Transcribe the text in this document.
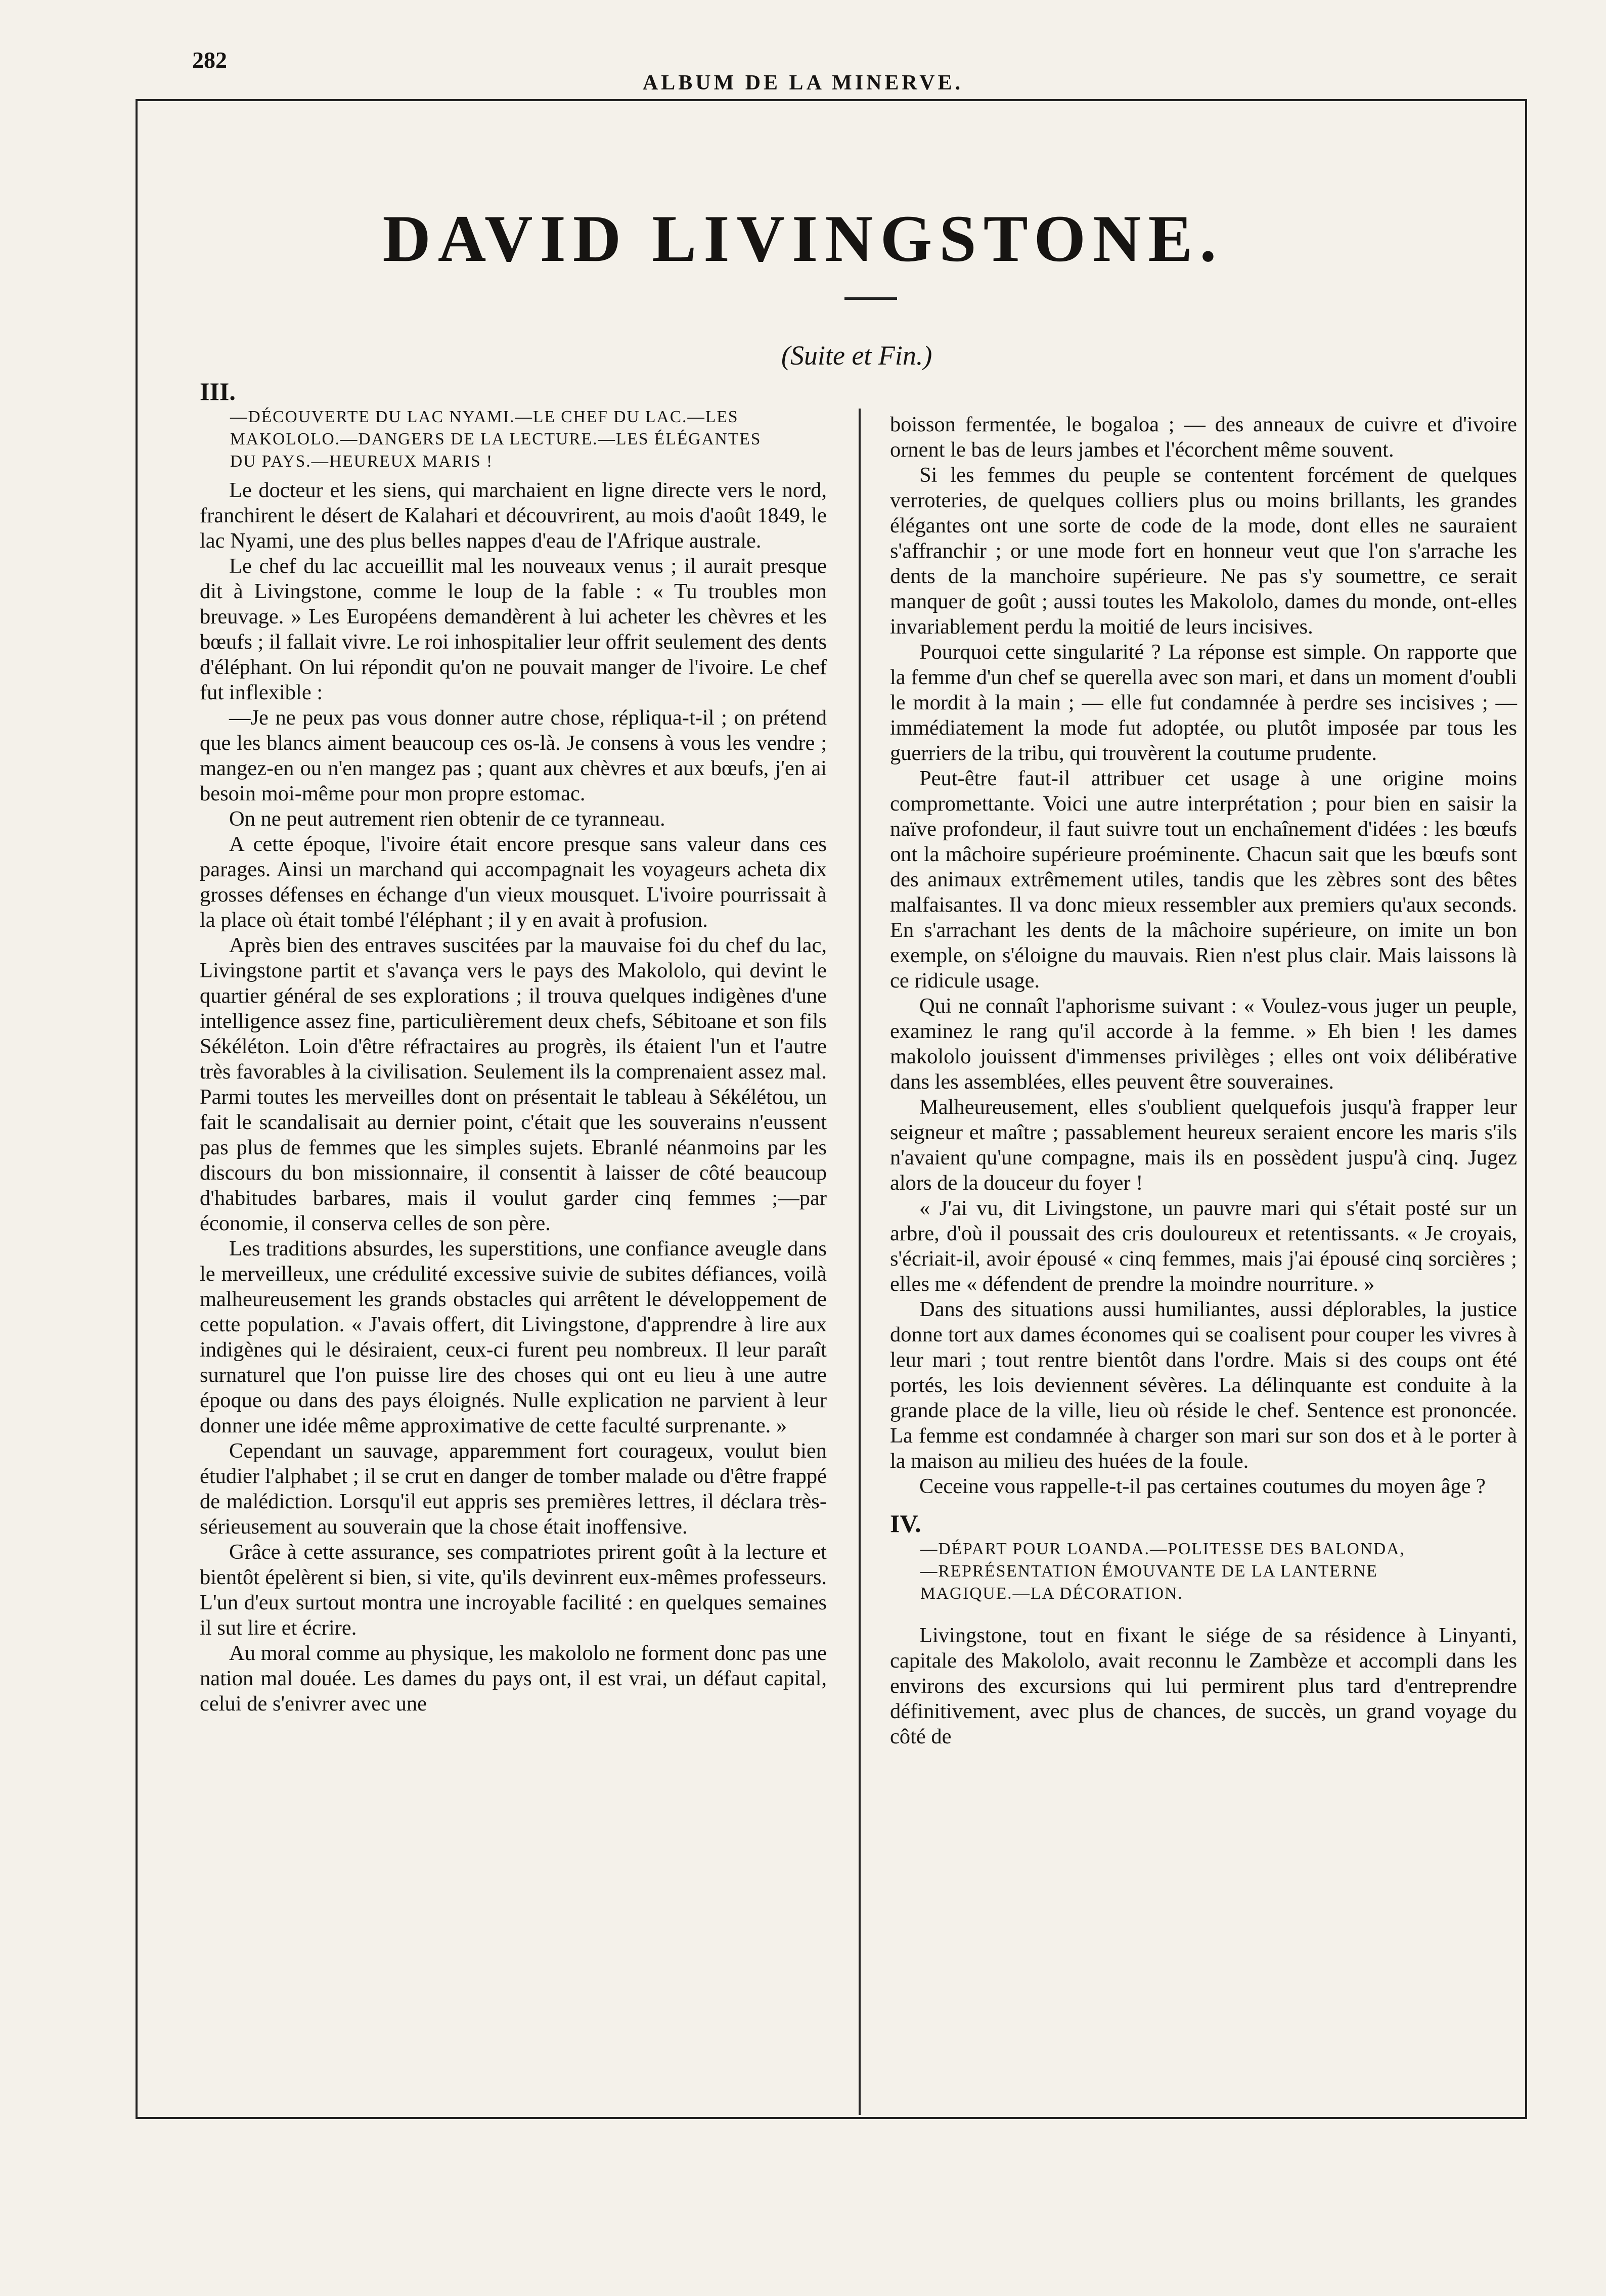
282
ALBUM DE LA MINERVE.
DAVID LIVINGSTONE.
(Suite et Fin.)
III.
—DÉCOUVERTE DU LAC NYAMI.—LE CHEF DU LAC.—LES
MAKOLOLO.—DANGERS DE LA LECTURE.—LES ÉLÉGANTES
DU PAYS.—HEUREUX MARIS !

Le docteur et les siens, qui marchaient en ligne directe vers le nord, franchirent le désert de Kalahari et découvrirent, au mois d'août 1849, le lac Nyami, une des plus belles nappes d'eau de l'Afrique australe.

Le chef du lac accueillit mal les nouveaux venus ; il aurait presque dit à Livingstone, comme le loup de la fable : « Tu troubles mon breuvage. » Les Européens demandèrent à lui acheter les chèvres et les bœufs ; il fallait vivre. Le roi inhospitalier leur offrit seulement des dents d'éléphant. On lui répondit qu'on ne pouvait manger de l'ivoire. Le chef fut inflexible :

—Je ne peux pas vous donner autre chose, répliqua-t-il ; on prétend que les blancs aiment beaucoup ces os-là. Je consens à vous les vendre ; mangez-en ou n'en mangez pas ; quant aux chèvres et aux bœufs, j'en ai besoin moi-même pour mon propre estomac.

On ne peut autrement rien obtenir de ce tyranneau.

A cette époque, l'ivoire était encore presque sans valeur dans ces parages. Ainsi un marchand qui accompagnait les voyageurs acheta dix grosses défenses en échange d'un vieux mousquet. L'ivoire pourrissait à la place où était tombé l'éléphant ; il y en avait à profusion.

Après bien des entraves suscitées par la mauvaise foi du chef du lac, Livingstone partit et s'avança vers le pays des Makololo, qui devint le quartier général de ses explorations ; il trouva quelques indigènes d'une intelligence assez fine, particulièrement deux chefs, Sébitoane et son fils Sékéléton. Loin d'être réfractaires au progrès, ils étaient l'un et l'autre très favorables à la civilisation. Seulement ils la comprenaient assez mal. Parmi toutes les merveilles dont on présentait le tableau à Sékélétou, un fait le scandalisait au dernier point, c'était que les souverains n'eussent pas plus de femmes que les simples sujets. Ebranlé néanmoins par les discours du bon missionnaire, il consentit à laisser de côté beaucoup d'habitudes barbares, mais il voulut garder cinq femmes ;—par économie, il conserva celles de son père.

Les traditions absurdes, les superstitions, une confiance aveugle dans le merveilleux, une crédulité excessive suivie de subites défiances, voilà malheureusement les grands obstacles qui arrêtent le développement de cette population. « J'avais offert, dit Livingstone, d'apprendre à lire aux indigènes qui le désiraient, ceux-ci furent peu nombreux. Il leur paraît surnaturel que l'on puisse lire des choses qui ont eu lieu à une autre époque ou dans des pays éloignés. Nulle explication ne parvient à leur donner une idée même approximative de cette faculté surprenante. »

Cependant un sauvage, apparemment fort courageux, voulut bien étudier l'alphabet ; il se crut en danger de tomber malade ou d'être frappé de malédiction. Lorsqu'il eut appris ses premières lettres, il déclara très-sérieusement au souverain que la chose était inoffensive.

Grâce à cette assurance, ses compatriotes prirent goût à la lecture et bientôt épelèrent si bien, si vite, qu'ils devinrent eux-mêmes professeurs. L'un d'eux surtout montra une incroyable facilité : en quelques semaines il sut lire et écrire.

Au moral comme au physique, les makololo ne forment donc pas une nation mal douée. Les dames du pays ont, il est vrai, un défaut capital, celui de s'enivrer avec une

boisson fermentée, le bogaloa ; — des anneaux de cuivre et d'ivoire ornent le bas de leurs jambes et l'écorchent même souvent.

Si les femmes du peuple se contentent forcément de quelques verroteries, de quelques colliers plus ou moins brillants, les grandes élégantes ont une sorte de code de la mode, dont elles ne sauraient s'affranchir ; or une mode fort en honneur veut que l'on s'arrache les dents de la manchoire supérieure. Ne pas s'y soumettre, ce serait manquer de goût ; aussi toutes les Makololo, dames du monde, ont-elles invariablement perdu la moitié de leurs incisives.

Pourquoi cette singularité ? La réponse est simple. On rapporte que la femme d'un chef se querella avec son mari, et dans un moment d'oubli le mordit à la main ; — elle fut condamnée à perdre ses incisives ; — immédiatement la mode fut adoptée, ou plutôt imposée par tous les guerriers de la tribu, qui trouvèrent la coutume prudente.

Peut-être faut-il attribuer cet usage à une origine moins compromettante. Voici une autre interprétation ; pour bien en saisir la naïve profondeur, il faut suivre tout un enchaînement d'idées : les bœufs ont la mâchoire supérieure proéminente. Chacun sait que les bœufs sont des animaux extrêmement utiles, tandis que les zèbres sont des bêtes malfaisantes. Il va donc mieux ressembler aux premiers qu'aux seconds. En s'arrachant les dents de la mâchoire supérieure, on imite un bon exemple, on s'éloigne du mauvais. Rien n'est plus clair. Mais laissons là ce ridicule usage.

Qui ne connaît l'aphorisme suivant : « Voulez-vous juger un peuple, examinez le rang qu'il accorde à la femme. » Eh bien ! les dames makololo jouissent d'immenses privilèges ; elles ont voix délibérative dans les assemblées, elles peuvent être souveraines.

Malheureusement, elles s'oublient quelquefois jusqu'à frapper leur seigneur et maître ; passablement heureux seraient encore les maris s'ils n'avaient qu'une compagne, mais ils en possèdent juspu'à cinq. Jugez alors de la douceur du foyer !

« J'ai vu, dit Livingstone, un pauvre mari qui s'était posté sur un arbre, d'où il poussait des cris douloureux et retentissants. « Je croyais, s'écriait-il, avoir épousé « cinq femmes, mais j'ai épousé cinq sorcières ; elles me « défendent de prendre la moindre nourriture. »

Dans des situations aussi humiliantes, aussi déplorables, la justice donne tort aux dames économes qui se coalisent pour couper les vivres à leur mari ; tout rentre bientôt dans l'ordre. Mais si des coups ont été portés, les lois deviennent sévères. La délinquante est conduite à la grande place de la ville, lieu où réside le chef. Sentence est prononcée. La femme est condamnée à charger son mari sur son dos et à le porter à la maison au milieu des huées de la foule.

Ceceine vous rappelle-t-il pas certaines coutumes du moyen âge ?

IV.
—DÉPART POUR LOANDA.—POLITESSE DES BALONDA,
—REPRÉSENTATION ÉMOUVANTE DE LA LANTERNE
MAGIQUE.—LA DÉCORATION.

Livingstone, tout en fixant le siége de sa résidence à Linyanti, capitale des Makololo, avait reconnu le Zambèze et accompli dans les environs des excursions qui lui permirent plus tard d'entreprendre définitivement, avec plus de chances, de succès, un grand voyage du côté de
